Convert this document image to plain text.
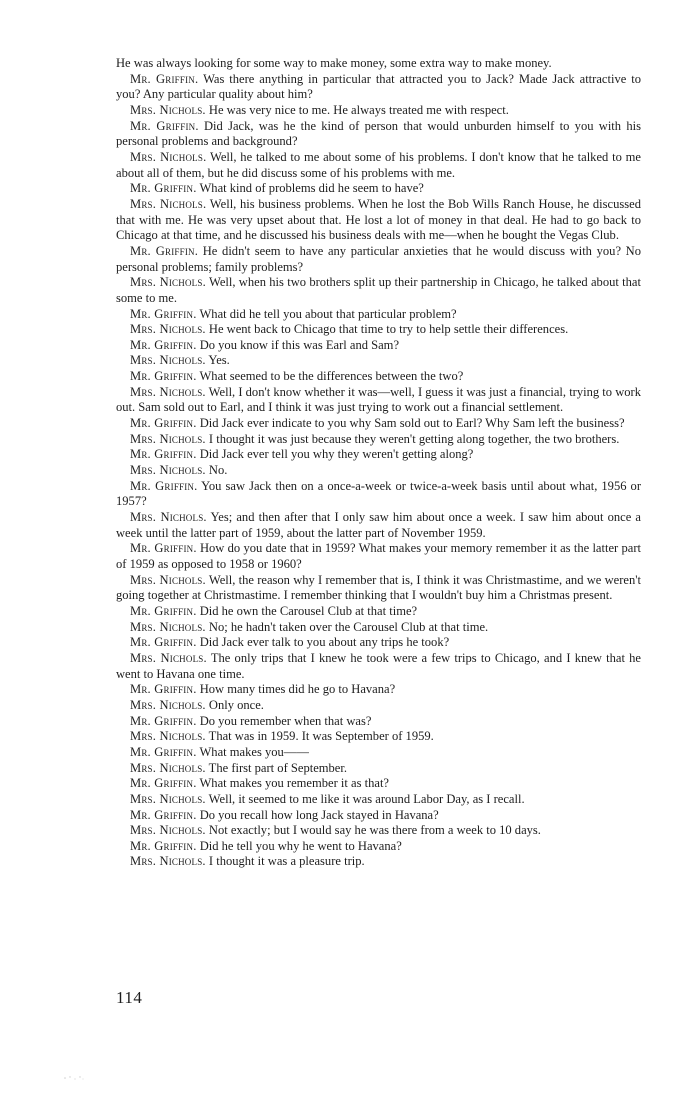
He was always looking for some way to make money, some extra way to make money.

Mr. Griffin. Was there anything in particular that attracted you to Jack? Made Jack attractive to you? Any particular quality about him?

Mrs. Nichols. He was very nice to me. He always treated me with respect.

Mr. Griffin. Did Jack, was he the kind of person that would unburden himself to you with his personal problems and background?

Mrs. Nichols. Well, he talked to me about some of his problems. I don't know that he talked to me about all of them, but he did discuss some of his problems with me.

Mr. Griffin. What kind of problems did he seem to have?

Mrs. Nichols. Well, his business problems. When he lost the Bob Wills Ranch House, he discussed that with me. He was very upset about that. He lost a lot of money in that deal. He had to go back to Chicago at that time, and he discussed his business deals with me—when he bought the Vegas Club.

Mr. Griffin. He didn't seem to have any particular anxieties that he would discuss with you? No personal problems; family problems?

Mrs. Nichols. Well, when his two brothers split up their partnership in Chicago, he talked about that some to me.

Mr. Griffin. What did he tell you about that particular problem?

Mrs. Nichols. He went back to Chicago that time to try to help settle their differences.

Mr. Griffin. Do you know if this was Earl and Sam?

Mrs. Nichols. Yes.

Mr. Griffin. What seemed to be the differences between the two?

Mrs. Nichols. Well, I don't know whether it was—well, I guess it was just a financial, trying to work out. Sam sold out to Earl, and I think it was just trying to work out a financial settlement.

Mr. Griffin. Did Jack ever indicate to you why Sam sold out to Earl? Why Sam left the business?

Mrs. Nichols. I thought it was just because they weren't getting along together, the two brothers.

Mr. Griffin. Did Jack ever tell you why they weren't getting along?

Mrs. Nichols. No.

Mr. Griffin. You saw Jack then on a once-a-week or twice-a-week basis until about what, 1956 or 1957?

Mrs. Nichols. Yes; and then after that I only saw him about once a week. I saw him about once a week until the latter part of 1959, about the latter part of November 1959.

Mr. Griffin. How do you date that in 1959? What makes your memory remember it as the latter part of 1959 as opposed to 1958 or 1960?

Mrs. Nichols. Well, the reason why I remember that is, I think it was Christmastime, and we weren't going together at Christmastime. I remember thinking that I wouldn't buy him a Christmas present.

Mr. Griffin. Did he own the Carousel Club at that time?

Mrs. Nichols. No; he hadn't taken over the Carousel Club at that time.

Mr. Griffin. Did Jack ever talk to you about any trips he took?

Mrs. Nichols. The only trips that I knew he took were a few trips to Chicago, and I knew that he went to Havana one time.

Mr. Griffin. How many times did he go to Havana?

Mrs. Nichols. Only once.

Mr. Griffin. Do you remember when that was?

Mrs. Nichols. That was in 1959. It was September of 1959.

Mr. Griffin. What makes you——

Mrs. Nichols. The first part of September.

Mr. Griffin. What makes you remember it as that?

Mrs. Nichols. Well, it seemed to me like it was around Labor Day, as I recall.

Mr. Griffin. Do you recall how long Jack stayed in Havana?

Mrs. Nichols. Not exactly; but I would say he was there from a week to 10 days.

Mr. Griffin. Did he tell you why he went to Havana?

Mrs. Nichols. I thought it was a pleasure trip.

114
